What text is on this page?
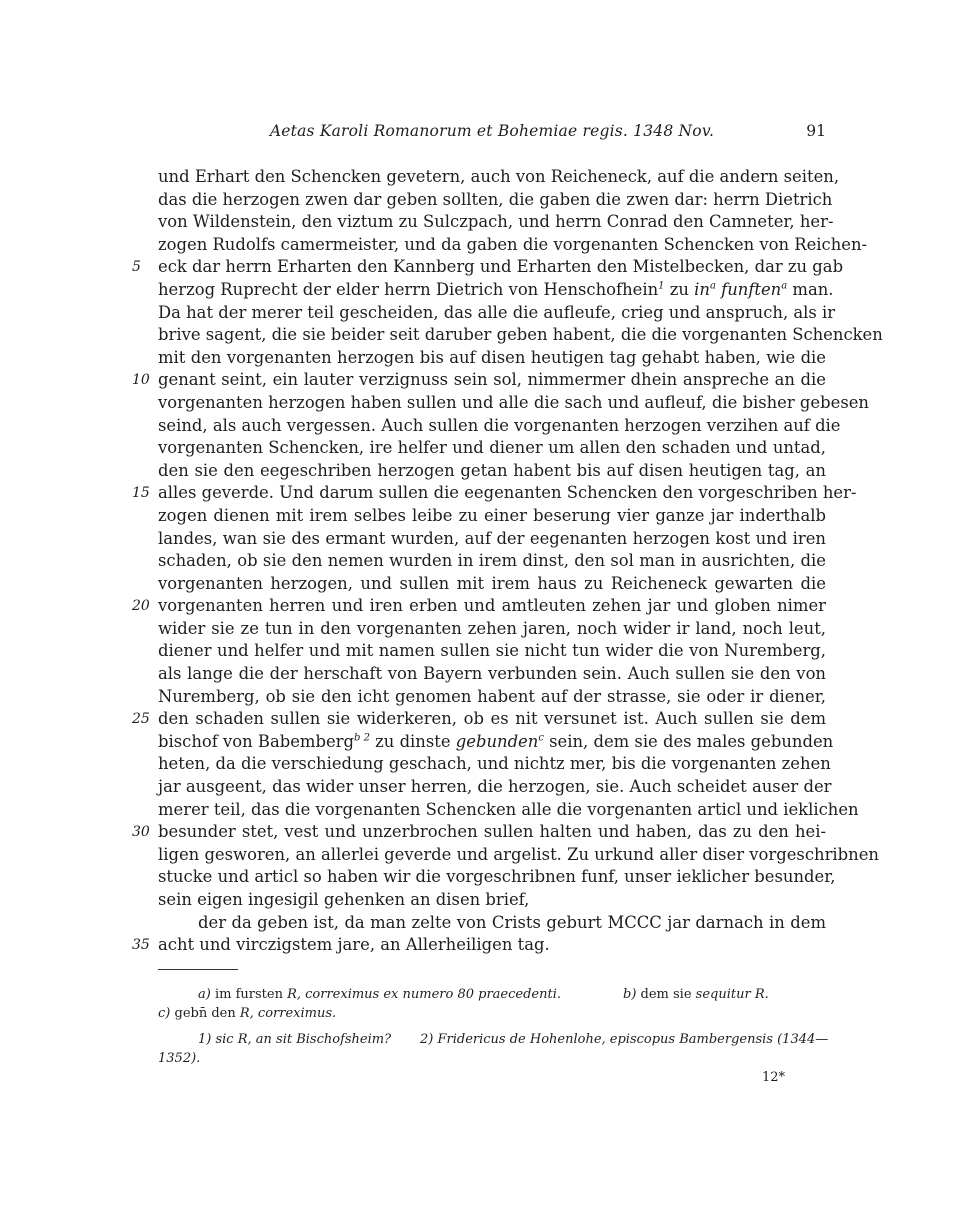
Aetas Karoli Romanorum et Bohemiae regis. 1348 Nov.	91
und Erhart den Schencken gevetern, auch von Reicheneck, auf die andern seiten,
das die herzogen zwen dar geben sollten, die gaben die zwen dar: herrn Dietrich
von Wildenstein, den viztum zu Sulczpach, und herrn Conrad den Camneter, her-
zogen Rudolfs camermeister, und da gaben die vorgenanten Schencken von Reichen-
5	eck dar herrn Erharten den Kannberg und Erharten den Mistelbecken, dar zu gab
herzog Ruprecht der elder herrn Dietrich von Henschofhein$^1$ zu $in^a$ funften$^a$ man.
Da hat der merer teil gescheiden, das alle die aufleufe, crieg und anspruch, als ir
brive sagent, die sie beider seit daruber geben habent, die die vorgenanten Schencken
mit den vorgenanten herzogen bis auf disen heutigen tag gehabt haben, wie die
10 genant seint, ein lauter verzignuss sein sol, nimmermer dhein anspreche an die
vorgenanten herzogen haben sullen und alle die sach und aufleuf, die bisher gebesen
seind, als auch vergessen. Auch sullen die vorgenanten herzogen verzihen auf die
vorgenanten Schencken, ire helfer und diener um allen den schaden und untad,
den sie den eegeschriben herzogen getan habent bis auf disen heutigen tag, an
15 alles geverde. Und darum sullen die eegenanten Schencken den vorgeschriben her-
zogen dienen mit irem selbes leibe zu einer beserung vier ganze jar inderthalb
landes, wan sie des ermant wurden, auf der eegenanten herzogen kost und iren
schaden, ob sie den nemen wurden in irem dinst, den sol man in ausrichten, die
vorgenanten herzogen, und sullen mit irem haus zu Reicheneck gewarten die
20 vorgenanten herren und iren erben und amtleuten zehen jar und globen nimer
wider sie ze tun in den vorgenanten zehen jaren, noch wider ir land, noch leut,
diener und helfer und mit namen sullen sie nicht tun wider die von Nuremberg,
als lange die der herschaft von Bayern verbunden sein. Auch sullen sie den von
Nuremberg, ob sie den icht genomen habent auf der strasse, sie oder ir diener,
25 den schaden sullen sie widerkeren, ob es nit versunet ist. Auch sullen sie dem
bischof von Babemberg$^{b 2}$ zu dinste gebunden$^c$ sein, dem sie des males gebunden
heten, da die verschiedung geschach, und nichtz mer, bis die vorgenanten zehen
jar ausgeent, das wider unser herren, die herzogen, sie. Auch scheidet auser der
merer teil, das die vorgenanten Schencken alle die vorgenanten articl und ieklichen
30 besunder stet, vest und unzerbrochen sullen halten und haben, das zu den hei-
ligen gesworen, an allerlei geverde und argelist. Zu urkund aller diser vorgeschribnen
stucke und articl so haben wir die vorgeschribnen funf, unser ieklicher besunder,
sein eigen ingesigil gehenken an disen brief,
der da geben ist, da man zelte von Crists geburt MCCC jar darnach in dem
35 acht und virczigstem jare, an Allerheiligen tag.
a) im fursten R, correximus ex numero 80 praecedenti.	b) dem sie sequitur R.
c) gebn̄ den R, correximus.
1) sic R, an sit Bischofsheim? 2) Fridericus de Hohenlohe, episcopus Bambergensis (1344—
1352).
12*
